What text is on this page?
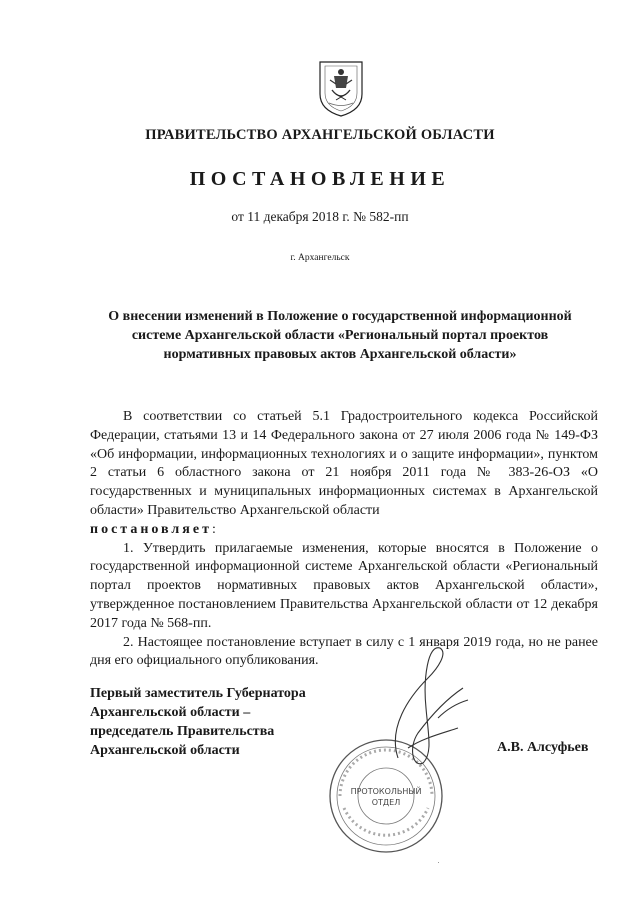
ПРАВИТЕЛЬСТВО АРХАНГЕЛЬСКОЙ ОБЛАСТИ
ПОСТАНОВЛЕНИЕ
от 11 декабря 2018 г. № 582-пп
г. Архангельск
О внесении изменений в Положение о государственной информационной системе Архангельской области «Региональный портал проектов нормативных правовых актов Архангельской области»

В соответствии со статьей 5.1 Градостроительного кодекса Российской Федерации, статьями 13 и 14 Федерального закона от 27 июля 2006 года № 149-ФЗ «Об информации, информационных технологиях и о защите информации», пунктом 2 статьи 6 областного закона от 21 ноября 2011 года № 383-26-ОЗ «О государственных и муниципальных информационных системах в Архангельской области» Правительство Архангельской области

постановляет:

1. Утвердить прилагаемые изменения, которые вносятся в Положение о государственной информационной системе Архангельской области «Региональный портал проектов нормативных правовых актов Архангельской области», утвержденное постановлением Правительства Архангельской области от 12 декабря 2017 года № 568-пп.

2. Настоящее постановление вступает в силу с 1 января 2019 года, но не ранее дня его официального опубликования.

Первый заместитель Губернатора
Архангельской области –
председатель Правительства
Архангельской области	А.В. Алсуфьев
ПРОТОКОЛЬНЫЙ
ОТДЕЛ
